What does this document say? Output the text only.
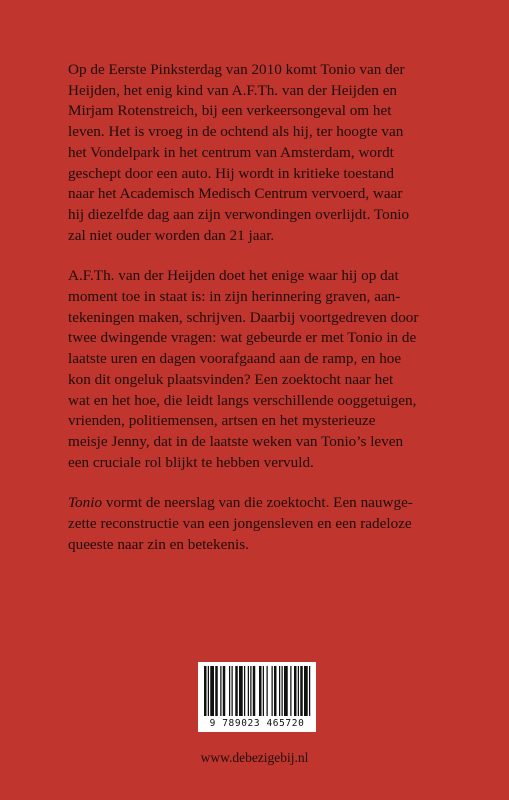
Op de Eerste Pinksterdag van 2010 komt Tonio van der
Heijden, het enig kind van A.F.Th. van der Heijden en
Mirjam Rotenstreich, bij een verkeersongeval om het
leven. Het is vroeg in de ochtend als hij, ter hoogte van
het Vondelpark in het centrum van Amsterdam, wordt
geschept door een auto. Hij wordt in kritieke toestand
naar het Academisch Medisch Centrum vervoerd, waar
hij diezelfde dag aan zijn verwondingen overlijdt. Tonio
zal niet ouder worden dan 21 jaar.

A.F.Th. van der Heijden doet het enige waar hij op dat
moment toe in staat is: in zijn herinnering graven, aan-
tekeningen maken, schrijven. Daarbij voortgedreven door
twee dwingende vragen: wat gebeurde er met Tonio in de
laatste uren en dagen voorafgaand aan de ramp, en hoe
kon dit ongeluk plaatsvinden? Een zoektocht naar het
wat en het hoe, die leidt langs verschillende ooggetuigen,
vrienden, politiemensen, artsen en het mysterieuze
meisje Jenny, dat in de laatste weken van Tonio’s leven
een cruciale rol blijkt te hebben vervuld.

Tonio vormt de neerslag van die zoektocht. Een nauwge-
zette reconstructie van een jongensleven en een radeloze
queeste naar zin en betekenis.

9 789023 465720
www.debezigebij.nl
